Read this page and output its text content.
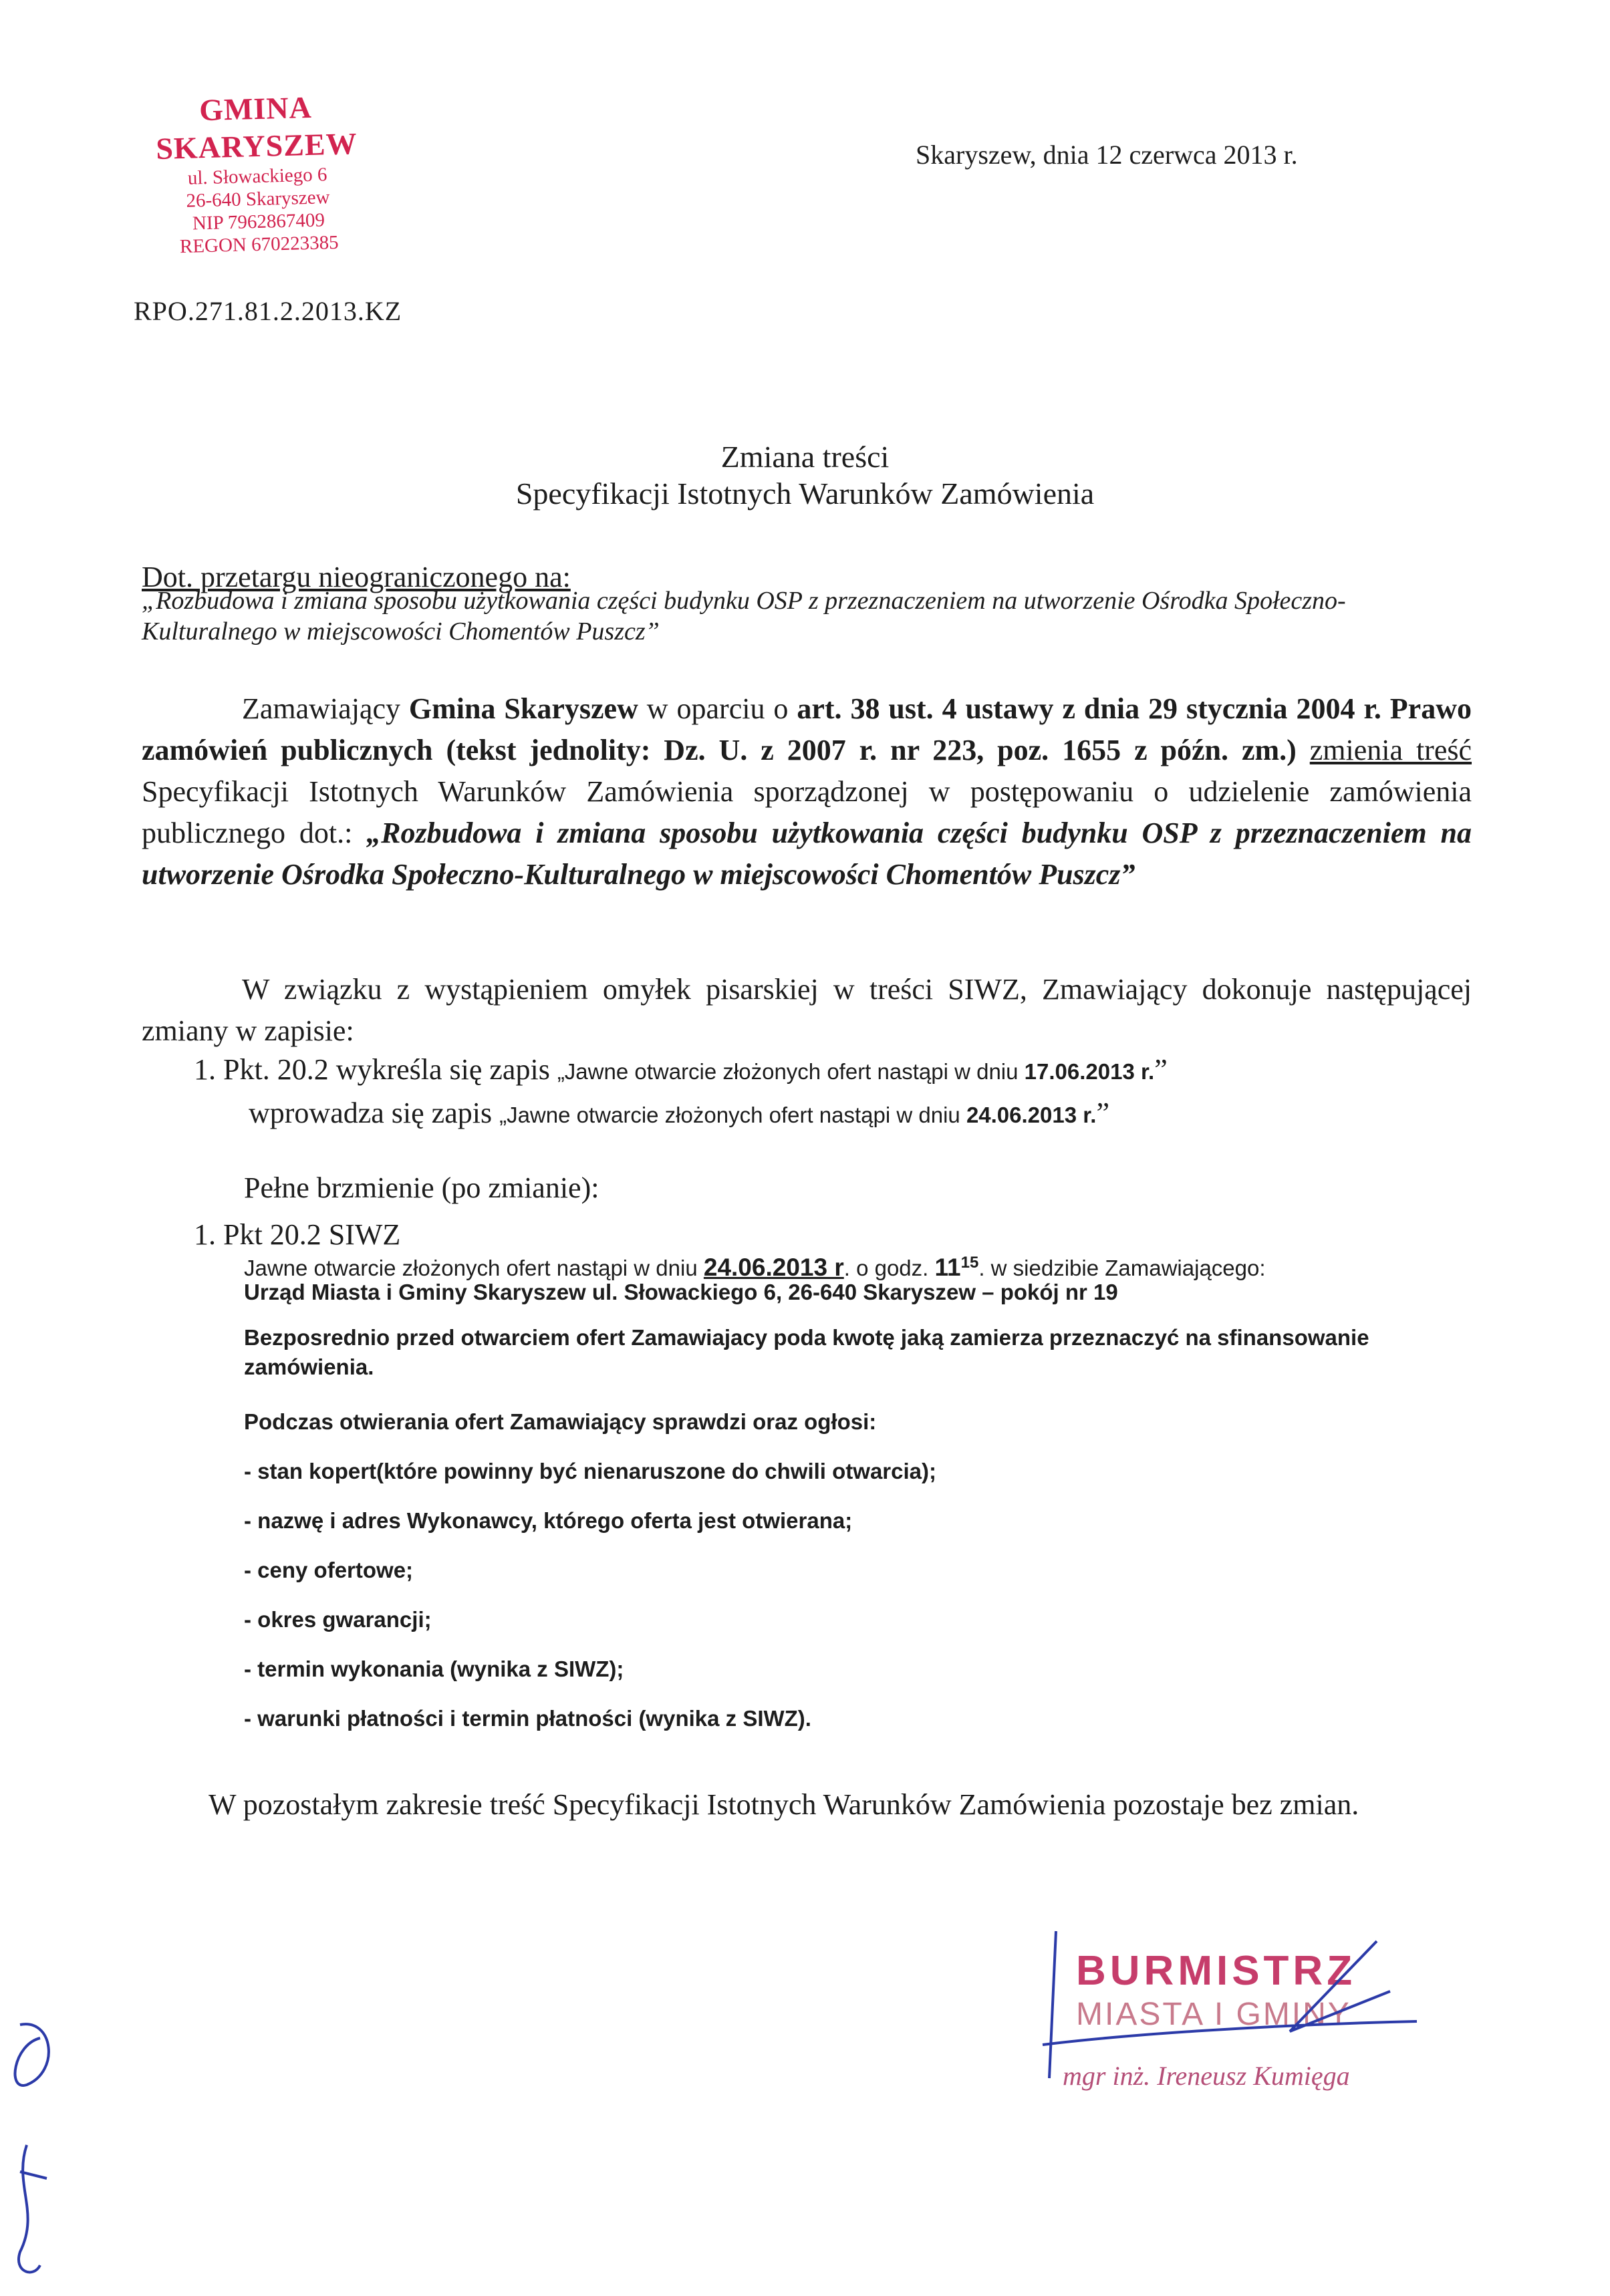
GMINA SKARYSZEW
ul. Słowackiego 6
26-640 Skaryszew
NIP 7962867409
REGON 670223385
Skaryszew, dnia 12 czerwca 2013 r.
RPO.271.81.2.2013.KZ
Zmiana treści
Specyfikacji Istotnych Warunków Zamówienia
Dot. przetargu nieograniczonego na:
„Rozbudowa i zmiana sposobu użytkowania części budynku OSP z przeznaczeniem na utworzenie Ośrodka Społeczno-Kulturalnego w miejscowości Chomentów Puszcz”
Zamawiający Gmina Skaryszew w oparciu o art. 38 ust. 4 ustawy z dnia 29 stycznia 2004 r. Prawo zamówień publicznych (tekst jednolity: Dz. U. z 2007 r. nr 223, poz. 1655 z późn. zm.) zmienia treść Specyfikacji Istotnych Warunków Zamówienia sporządzonej w postępowaniu o udzielenie zamówienia publicznego dot.: „Rozbudowa i zmiana sposobu użytkowania części budynku OSP z przeznaczeniem na utworzenie Ośrodka Społeczno-Kulturalnego w miejscowości Chomentów Puszcz”
W związku z wystąpieniem omyłek pisarskiej w treści SIWZ, Zmawiający dokonuje następującej zmiany w zapisie:
1. Pkt. 20.2 wykreśla się zapis „Jawne otwarcie złożonych ofert nastąpi w dniu 17.06.2013 r.”
wprowadza się zapis „Jawne otwarcie złożonych ofert nastąpi w dniu 24.06.2013 r.”
Pełne brzmienie (po zmianie):
1. Pkt 20.2 SIWZ
Jawne otwarcie złożonych ofert nastąpi w dniu 24.06.2013 r. o godz. $11^{15}$. w siedzibie Zamawiającego:
Urząd Miasta i Gminy Skaryszew ul. Słowackiego 6, 26-640 Skaryszew – pokój nr 19
Bezposrednio przed otwarciem ofert Zamawiajacy poda kwotę jaką zamierza przeznaczyć na sfinansowanie zamówienia.
Podczas otwierania ofert Zamawiający sprawdzi oraz ogłosi:
- stan kopert(które powinny być nienaruszone do chwili otwarcia);
- nazwę i adres Wykonawcy, którego oferta jest otwierana;
- ceny ofertowe;
- okres gwarancji;
- termin wykonania (wynika z SIWZ);
- warunki płatności i termin płatności (wynika z SIWZ).
W pozostałym zakresie treść Specyfikacji Istotnych Warunków Zamówienia pozostaje bez zmian.
BURMISTRZ
MIASTA I GMINY
mgr inż. Ireneusz Kumięga
